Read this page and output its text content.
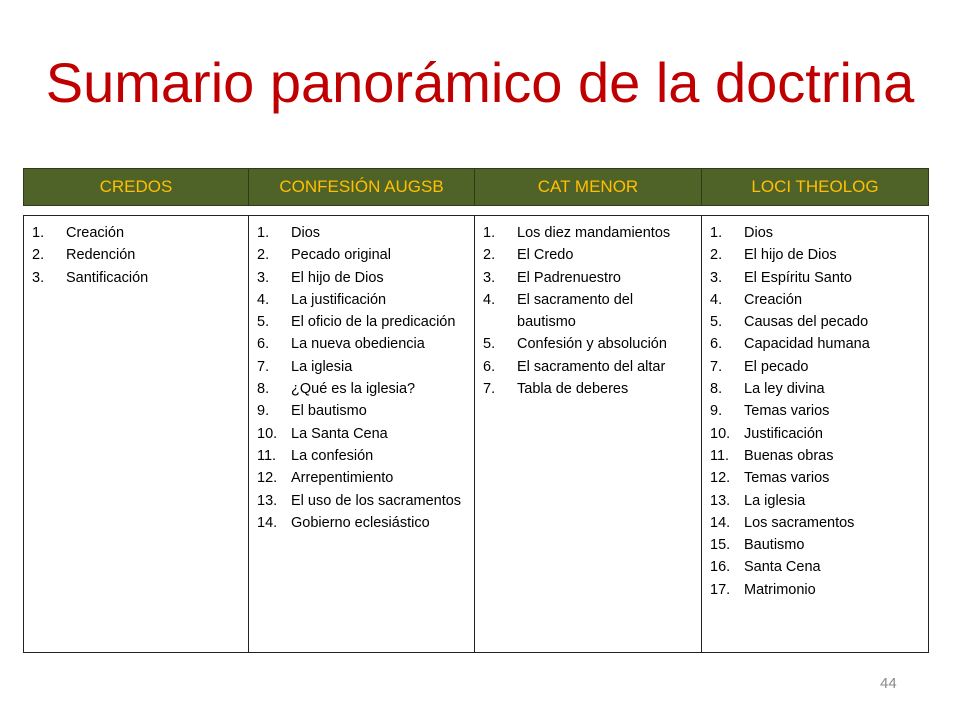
Sumario panorámico de la doctrina
CREDOS	CONFESIÓN AUGSB	CAT MENOR	LOCI THEOLOG
1.	Creación
2.	Redención
3.	Santificación
1.	Dios
2.	Pecado original
3.	El hijo de Dios
4.	La justificación
5.	El oficio de la predicación
6.	La nueva obediencia
7.	La iglesia
8.	¿Qué es la iglesia?
9.	El bautismo
10. La Santa Cena
11.	La confesión
12. Arrepentimiento
13. El uso de los sacramentos
14. Gobierno eclesiástico
1.	Los diez mandamientos
2.	El Credo
3.	El Padrenuestro
4.	El sacramento del bautismo
5.	Confesión y absolución
6.	El sacramento del altar
7.	Tabla de deberes
1.	Dios
2.	El hijo de Dios
3.	El Espíritu Santo
4.	Creación
5.	Causas del pecado
6.	Capacidad humana
7.	El pecado
8.	La ley divina
9.	Temas varios
10. Justificación
11.	Buenas obras
12. Temas varios
13. La iglesia
14. Los sacramentos
15. Bautismo
16. Santa Cena
17. Matrimonio
44
